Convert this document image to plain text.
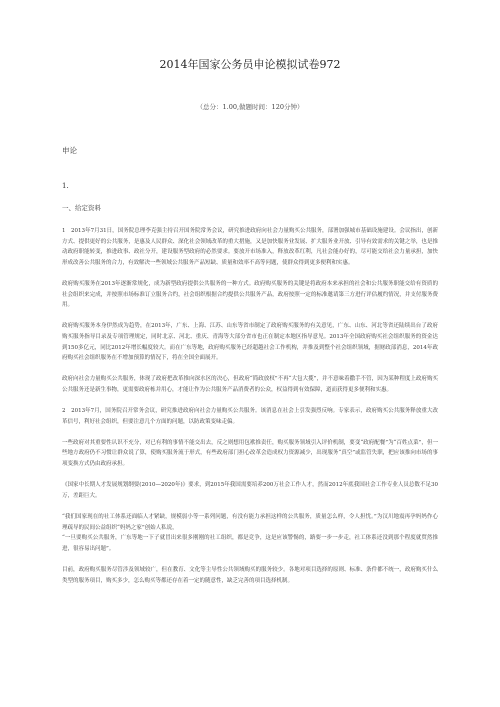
2014年国家公务员申论模拟试卷972
（总分：1.00,做题时间：120分钟）
申论
1.
一、给定资料

1　2013年7月31日，国务院总理李克强主持召开国务院常务会议，研究推进政府向社会力量购买公共服务，部署加强城市基础设施建设。会议指出，创新方式、提供更好的公共服务，是惠及人民群众、深化社会领域改革的重大措施，又是加快服务业发展、扩大服务业开放、引导有效需求的关键之举，也是推动政府职能转变，推进政事、政社分开，建设服务型政府的必然要求。要放开市场准入，释放改革红利，凡社会能办好的，尽可能交给社会力量承担，加快形成改善公共服务的合力，有效解决一些领域公共服务产品短缺、质量和效率不高等问题，使群众得到更多便利和实惠。

政府购买服务在2013年逐渐常规化，成为新型政府提供公共服务的一种方式。政府购买服务的关键是将政府本来承担的社会和公共服务职能交给有资质的社会组织来完成，并按照市场标准订立服务合约，社会组织根据合约提供公共服务产品，政府按照一定的标准邀请第三方进行评估履约情况，并支付服务费用。

政府购买服务本身伊然成为趋势，在2013年，广东、上海、江苏、山东等省市制定了政府购买服务的有关意见，广东、山东、河北等省还陆续出台了政府购买服务指导目录及专项管理规定，同时北京、河北、重庆、青海等大部分省市也正在制定本地区指导意见。2013年全国政府购买社会组织服务的资金达到150多亿元，同比2012年增长幅度较大。而在广东等地，政府购买服务已经超越社会工作机构，并推及到整个社会组织领域，据财政部消息，2014年政府购买社会组织服务在不增加预算的情况下，将在全国全面展开。

政府向社会力量购买公共服务，体现了政府把改革推向深水区的决心，但政府“简政放权”不再“大包大揽”，并不意味着撒手不管，因为某种程度上政府购买公共服务还是新生事物，更需要政府栋并用心，才能让作为公共服务产品消费者的公众，权益得到有效保障，道而获得更多便利和实惠。

2　2013年7月，国务院召开常务会议，研究推进政府向社会力量购买公共服务。该消息在社会上引发强烈反响。专家表示，政府购买公共服务释放重大改革信号，利好社会组织，但要注意几个方面的问题，以防政策变味走偏。

一些政府对其重要性认识不充分，对已有利的事情不能交出去，反之则想用包袱推责任，购买服务领域引入评价机制，要变“政府配餐”为“百姓点菜”，但一些地方政府仍不习惯让群众说了算，使购买服务流于形式，有些政府部门担心改革会造成权力资源减少，出现服务“真空”或监管失职，把应该推向市场的事项变换方式仍由政府承担。

《国家中长期人才发展规划纲要(2010—2020年)》要求，到2015年我国需要培养200万社会工作人才，然而2012年底我国社会工作专业人员总数不足30万，差距巨大。

“我们国家现在的社工体系还面临人才紧缺，规模弱小等一系列问题，有没有能力承担这样的公共服务，质量怎么样，令人担忧。”为汉川地震再孕妈妈作心理疏导的民间公益组织“妈妈之家”创始人私说，

“一旦要购买公共服务，广东等地一下子就冒出来很多刚刚的社工组织，都是竞争，这是应该警惕的，路要一步一步走，社工体系还没到那个程度就贸然推进，很容易出问题”。

目前，政府购买服务尽管涉及领域较广，但在教育、文化等主导性公共领域购买的服务较少。各地对项目选择的原则、标准、条件都不统一，政府购买什么类型的服务项目，购买多少，怎么购买等都还存在着一定的随意性，缺乏完善的项目选择机制。
